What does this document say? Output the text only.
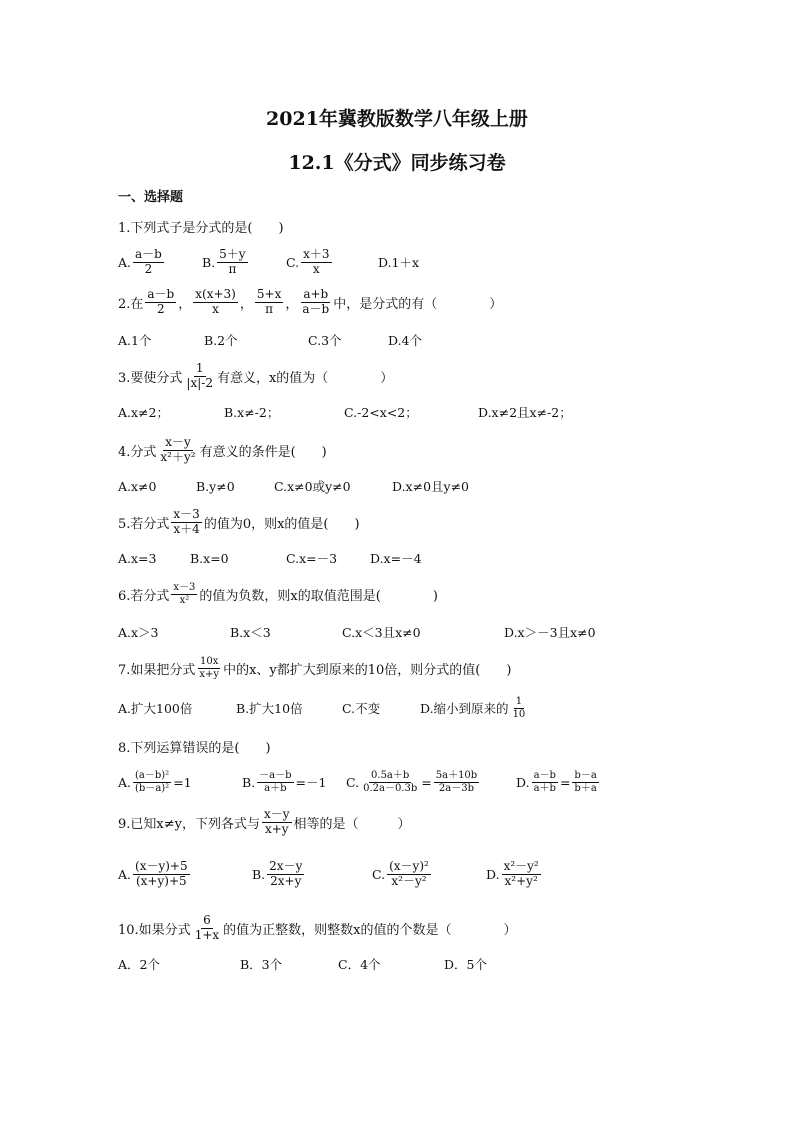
2021年冀教版数学八年级上册
12.1《分式》同步练习卷
一、选择题
1.下列式子是分式的是(　　)
A. $\frac{a-b}{2}$	B. $\frac{5+y}{\pi}$	C. $\frac{x+3}{x}$	D.1＋x
2.在 $\frac{a-b}{2}$ ， $\frac{x(x+3)}{x}$ ， $\frac{5+x}{\pi}$ ， $\frac{a+b}{a-b}$ 中，是分式的有（　　　　）
A.1个	B.2个	C.3个	D.4个
3.要使分式 $\frac{1}{|x|-2}$ 有意义，x的值为（　　　　）
A.x≠2；	B.x≠-2；	C.-2<x<2；	D.x≠2且x≠-2；
4.分式 $\frac{x-y}{\text{x²＋y²}}$ 有意义的条件是(　　)
A.x≠0	B.y≠0	C.x≠0或y≠0	D.x≠0且y≠0
5.若分式 $\frac{x-3}{x+4}$ 的值为0，则x的值是(　　)
A.x=3	B.x=0	C.x=－3	D.x=－4
6.若分式 $\frac{x-3}{\text{x²}}$ 的值为负数，则x的取值范围是(　　　　)
A.x＞3	B.x＜3	C.x＜3且x≠0	D.x＞－3且x≠0
7.如果把分式 $\frac{10x}{x+y}$ 中的x、y都扩大到原来的10倍，则分式的值(　　)
A.扩大100倍	B.扩大10倍	C.不变	D.缩小到原来的 $\frac{1}{10}$
8.下列运算错误的是(　　)
A. $\frac{\text{(a－b)²}}{\text{(b－a)²}} =1$	B. $\frac{-a-b}{a+b} =-1$ C. $\frac{0.5a+b}{0.2a-0.3b} = \frac{5a+10b}{2a-3b}$	D. $\frac{a-b}{a+b} = \frac{b-a}{b+a}$
9.已知x≠y，下列各式与 $\frac{x-y}{x+y}$ 相等的是（　　　）
A. $\frac{(x-y)+5}{(x+y)+5}$	B. $\frac{2x-y}{2x+y}$	C. $\frac{\text{(x－y)²}}{\text{x²－y²}}$	D. $\frac{\text{x²－y²}}{\text{x²+y²}}$
10.如果分式 $\frac{6}{1+x}$ 的值为正整数，则整数x的值的个数是（　　　　）
A．2个	B．3个	C．4个	D．5个
